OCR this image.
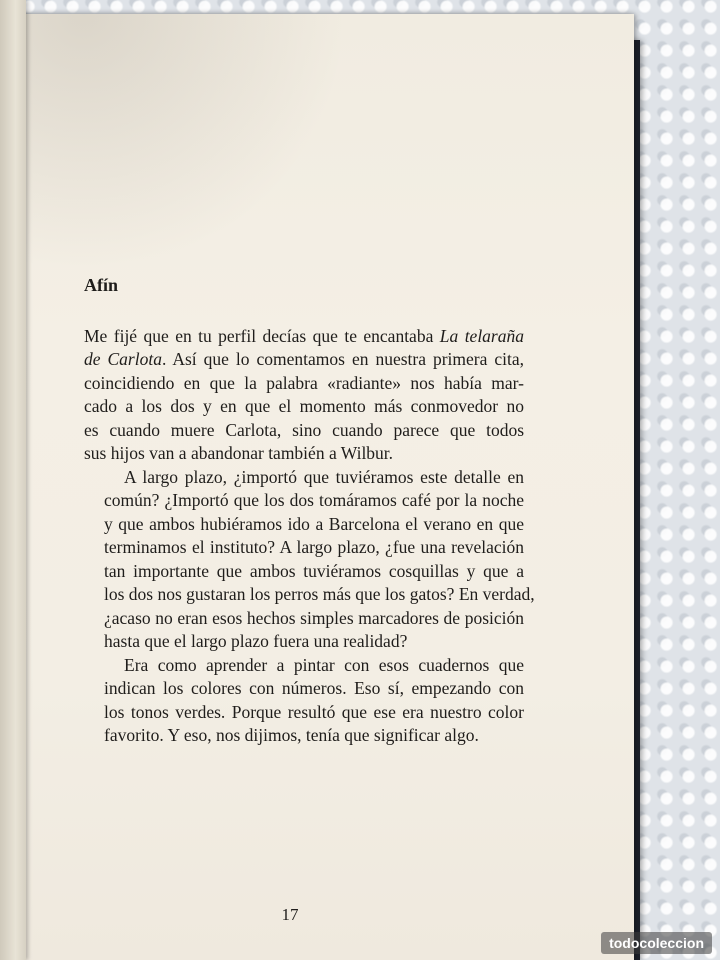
Afín

Me fijé que en tu perfil decías que te encantaba La telaraña
de Carlota. Así que lo comentamos en nuestra primera cita,
coincidiendo en que la palabra «radiante» nos había mar-
cado a los dos y en que el momento más conmovedor no
es cuando muere Carlota, sino cuando parece que todos
sus hijos van a abandonar también a Wilbur.

A largo plazo, ¿importó que tuviéramos este detalle en
común? ¿Importó que los dos tomáramos café por la noche
y que ambos hubiéramos ido a Barcelona el verano en que
terminamos el instituto? A largo plazo, ¿fue una revelación
tan importante que ambos tuviéramos cosquillas y que a
los dos nos gustaran los perros más que los gatos? En verdad,
¿acaso no eran esos hechos simples marcadores de posición
hasta que el largo plazo fuera una realidad?

Era como aprender a pintar con esos cuadernos que
indican los colores con números. Eso sí, empezando con
los tonos verdes. Porque resultó que ese era nuestro color
favorito. Y eso, nos dijimos, tenía que significar algo.

17
todocoleccion
